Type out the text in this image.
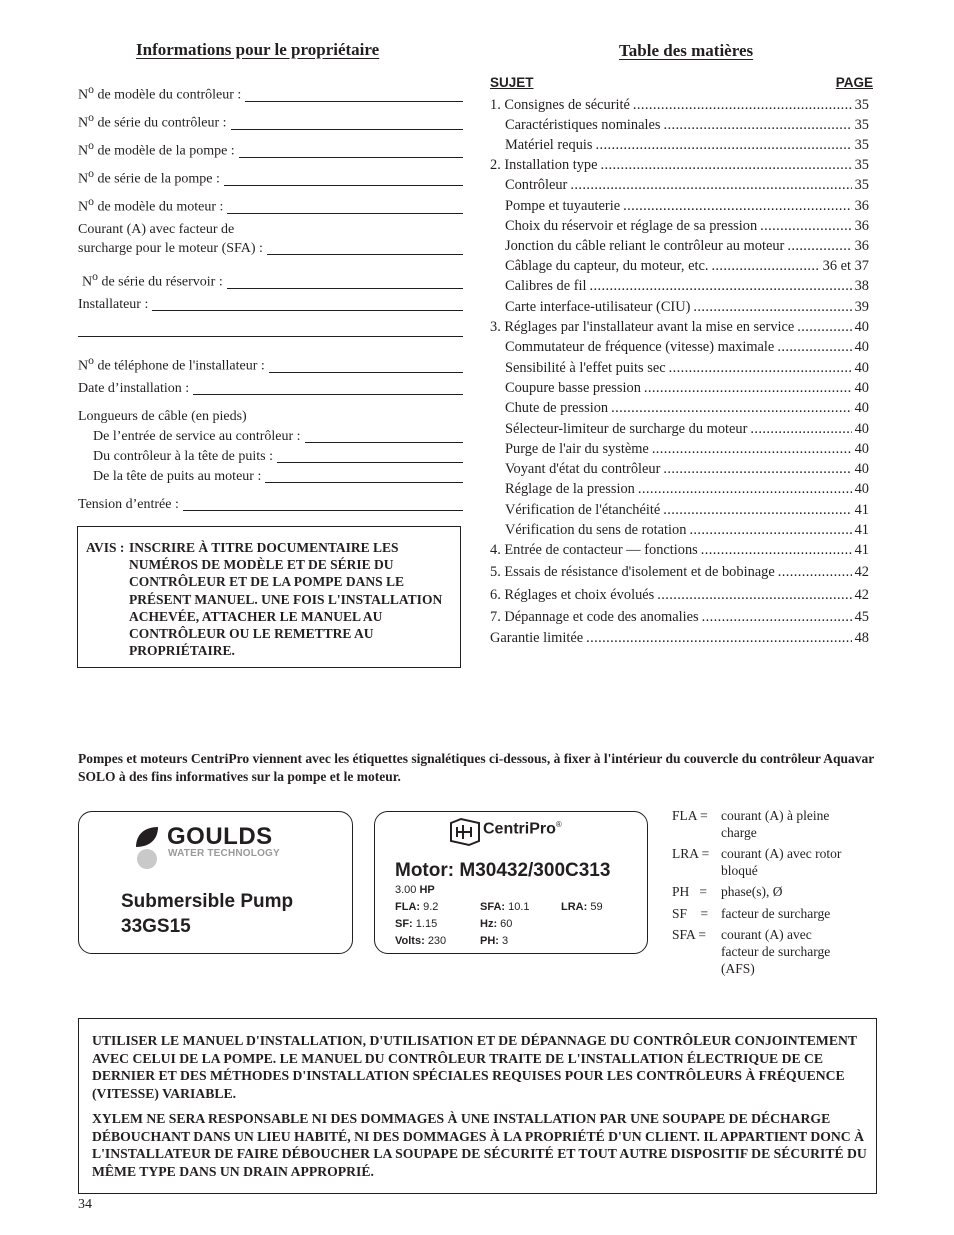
Informations pour le propriétaire
$N^o$ de modèle du contrôleur :
$N^o$ de série du contrôleur :
$N^o$ de modèle de la pompe :
$N^o$ de série de la pompe :
$N^o$ de modèle du moteur :
Courant (A) avec facteur de
surcharge pour le moteur (SFA) :
$N^o$ de série du réservoir :
Installateur :
$N^o$ de téléphone de l'installateur :
Date d’installation :
Longueurs de câble (en pieds)
De l’entrée de service au contrôleur :
Du contrôleur à la tête de puits :
De la tête de puits au moteur :
Tension d’entrée :
AVIS : INSCRIRE À TITRE DOCUMENTAIRE LES NUMÉROS DE MODÈLE ET DE SÉRIE DU CONTRÔLEUR ET DE LA POMPE DANS LE PRÉSENT MANUEL. UNE FOIS L'INSTALLATION ACHEVÉE, ATTACHER LE MANUEL AU CONTRÔLEUR OU LE REMETTRE AU PROPRIÉTAIRE.
Table des matières
SUJET	PAGE
1. Consignes de sécurité . . .	35
Caractéristiques nominales . . .	35
Matériel requis . . .	35
2. Installation type . . .	35
Contrôleur . . .	35
Pompe et tuyauterie . . .	36
Choix du réservoir et réglage de sa pression . . .	36
Jonction du câble reliant le contrôleur au moteur . . .	36
Câblage du capteur, du moteur, etc. . . .	36 et 37
Calibres de fil . . .	38
Carte interface-utilisateur (CIU) . . .	39
3. Réglages par l'installateur avant la mise en service . . .	40
Commutateur de fréquence (vitesse) maximale . . .	40
Sensibilité à l'effet puits sec . . .	40
Coupure basse pression . . .	40
Chute de pression . . .	40
Sélecteur-limiteur de surcharge du moteur . . .	40
Purge de l'air du système . . .	40
Voyant d'état du contrôleur . . .	40
Réglage de la pression . . .	40
Vérification de l'étanchéité . . .	41
Vérification du sens de rotation . . .	41
4. Entrée de contacteur — fonctions . . .	41
5. Essais de résistance d'isolement et de bobinage . . .	42
6. Réglages et choix évolués . . .	42
7. Dépannage et code des anomalies . . .	45
Garantie limitée . . .	48
Pompes et moteurs CentriPro viennent avec les étiquettes signalétiques ci-dessous, à fixer à l'intérieur du couvercle du contrôleur Aquavar SOLO à des fins informatives sur la pompe et le moteur.
GOULDS
WATER TECHNOLOGY
Submersible Pump
33GS15
CentriPro®
Motor: M30432/300C313
3.00 HP
FLA: 9.2	SFA: 10.1	LRA: 59
SF: 1.15	Hz: 60
Volts: 230	PH: 3
FLA = courant (A) à pleine charge
LRA = courant (A) avec rotor bloqué
PH   = phase(s), Ø
SF    = facteur de surcharge
SFA = courant (A) avec facteur de surcharge (AFS)
UTILISER LE MANUEL D'INSTALLATION, D'UTILISATION ET DE DÉPANNAGE DU CONTRÔLEUR CONJOINTEMENT AVEC CELUI DE LA POMPE. LE MANUEL DU CONTRÔLEUR TRAITE DE L'INSTALLATION ÉLECTRIQUE DE CE DERNIER ET DES MÉTHODES D'INSTALLATION SPÉCIALES REQUISES POUR LES CONTRÔLEURS À FRÉQUENCE (VITESSE) VARIABLE.
XYLEM NE SERA RESPONSABLE NI DES DOMMAGES À UNE INSTALLATION PAR UNE SOUPAPE DE DÉCHARGE DÉBOUCHANT DANS UN LIEU HABITÉ, NI DES DOMMAGES À LA PROPRIÉTÉ D'UN CLIENT. IL APPARTIENT DONC À L'INSTALLATEUR DE FAIRE DÉBOUCHER LA SOUPAPE DE SÉCURITÉ ET TOUT AUTRE DISPOSITIF DE SÉCURITÉ DU MÊME TYPE DANS UN DRAIN APPROPRIÉ.
34
